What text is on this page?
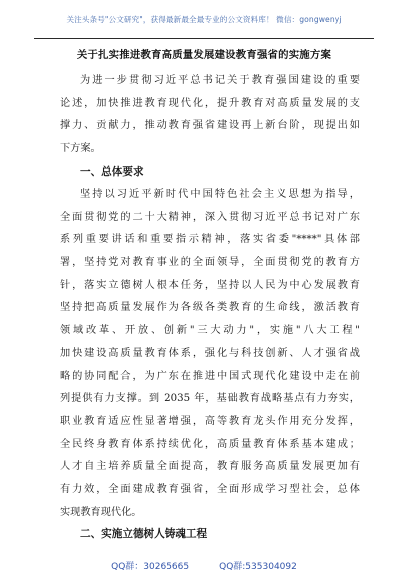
关注头条号"公文研究"，获得最新最全最专业的公文资料库！ 微信：gongwenyj
关于扎实推进教育高质量发展建设教育强省的实施方案
为进一步贯彻习近平总书记关于教育强国建设的重要
论述，加快推进教育现代化，提升教育对高质量发展的支
撑力、贡献力，推动教育强省建设再上新台阶，现提出如
下方案。
一、总体要求
坚持以习近平新时代中国特色社会主义思想为指导，
全面贯彻党的二十大精神，深入贯彻习近平总书记对广东
系列重要讲话和重要指示精神，落实省委"****"具体部
署，坚持党对教育事业的全面领导，全面贯彻党的教育方
针，落实立德树人根本任务，坚持以人民为中心发展教育
坚持把高质量发展作为各级各类教育的生命线，激活教育
领域改革、开放、创新"三大动力"，实施"八大工程"
加快建设高质量教育体系，强化与科技创新、人才强省战
略的协同配合，为广东在推进中国式现代化建设中走在前
列提供有力支撑。到 2035 年，基础教育战略基点有力夯实，
职业教育适应性显著增强，高等教育龙头作用充分发挥，
全民终身教育体系持续优化，高质量教育体系基本建成；
人才自主培养质量全面提高，教育服务高质量发展更加有
有力效，全面建成教育强省，全面形成学习型社会，总体
实现教育现代化。
二、实施立德树人铸魂工程
QQ群：30265665	QQ群:535304092
